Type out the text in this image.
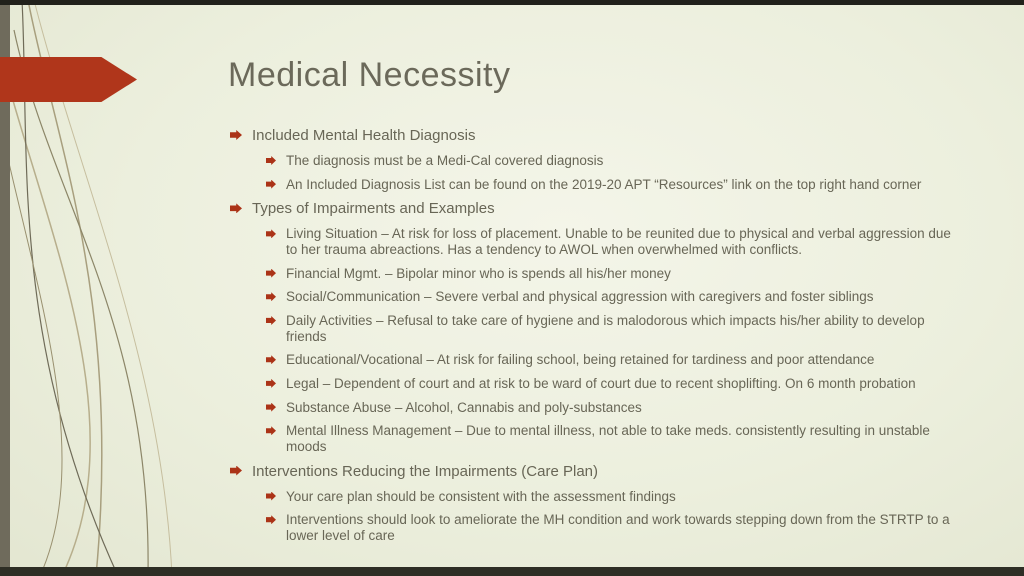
Medical Necessity
Included Mental Health Diagnosis
The diagnosis must be a Medi-Cal covered diagnosis
An Included Diagnosis List can be found on the 2019-20 APT “Resources” link on the top right hand corner
Types of Impairments and Examples
Living Situation – At risk for loss of placement. Unable to be reunited due to physical and verbal aggression due to her trauma abreactions. Has a tendency to AWOL when overwhelmed with conflicts.
Financial Mgmt. – Bipolar minor who is spends all his/her money
Social/Communication – Severe verbal and physical aggression with caregivers and foster siblings
Daily Activities – Refusal to take care of hygiene and is malodorous which impacts his/her ability to develop friends
Educational/Vocational – At risk for failing school, being retained for tardiness and poor attendance
Legal – Dependent of court and at risk to be ward of court due to recent shoplifting. On 6 month probation
Substance Abuse – Alcohol, Cannabis and poly-substances
Mental Illness Management – Due to mental illness, not able to take meds. consistently resulting in unstable moods
Interventions Reducing the Impairments (Care Plan)
Your care plan should be consistent with the assessment findings
Interventions should look to ameliorate the MH condition and work towards stepping down from the STRTP to a lower level of care
